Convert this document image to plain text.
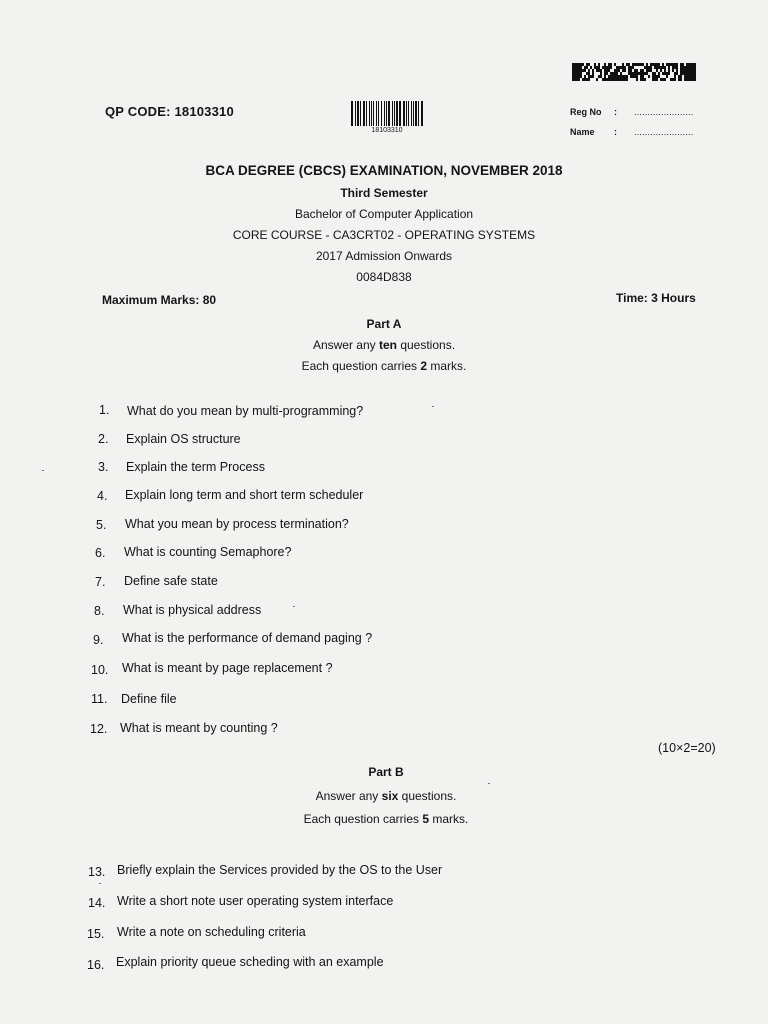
QP CODE: 18103310
18103310
Reg No : ......................
Name : ......................
BCA DEGREE (CBCS) EXAMINATION, NOVEMBER 2018
Third Semester
Bachelor of Computer Application
CORE COURSE - CA3CRT02 - OPERATING SYSTEMS
2017 Admission Onwards
0084D838
Maximum Marks: 80	Time: 3 Hours
Part A
Answer any ten questions.
Each question carries 2 marks.
1. What do you mean by multi-programming?
2. Explain OS structure
3. Explain the term Process
4. Explain long term and short term scheduler
5. What you mean by process termination?
6. What is counting Semaphore?
7. Define safe state
8. What is physical address
9. What is the performance of demand paging ?
10. What is meant by page replacement ?
11. Define file
12. What is meant by counting ?
(10×2=20)
Part B
Answer any six questions.
Each question carries 5 marks.
13. Briefly explain the Services provided by the OS to the User
14. Write a short note user operating system interface
15. Write a note on scheduling criteria
16. Explain priority queue scheding with an example
